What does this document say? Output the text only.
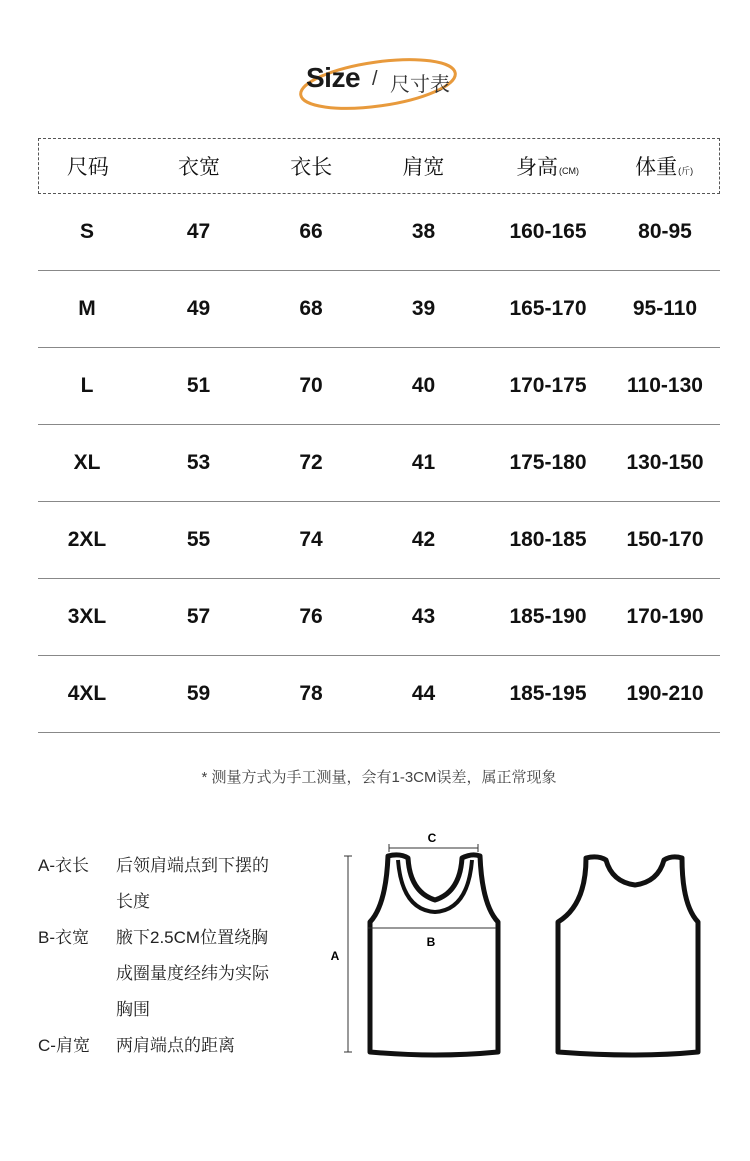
Size / 尺寸表
尺码	衣宽	衣长	肩宽	身高(CM)	体重(斤)
S	47	66	38	160-165	80-95
M	49	68	39	165-170	95-110
L	51	70	40	170-175	110-130
XL	53	72	41	175-180	130-150
2XL	55	74	42	180-185	150-170
3XL	57	76	43	185-190	170-190
4XL	59	78	44	185-195	190-210
* 测量方式为手工测量，会有1-3CM误差，属正常现象
A-衣长	后领肩端点到下摆的
长度
B-衣宽	腋下2.5CM位置绕胸
成圈量度经纬为实际
胸围
C-肩宽	两肩端点的距离
C
B
A
